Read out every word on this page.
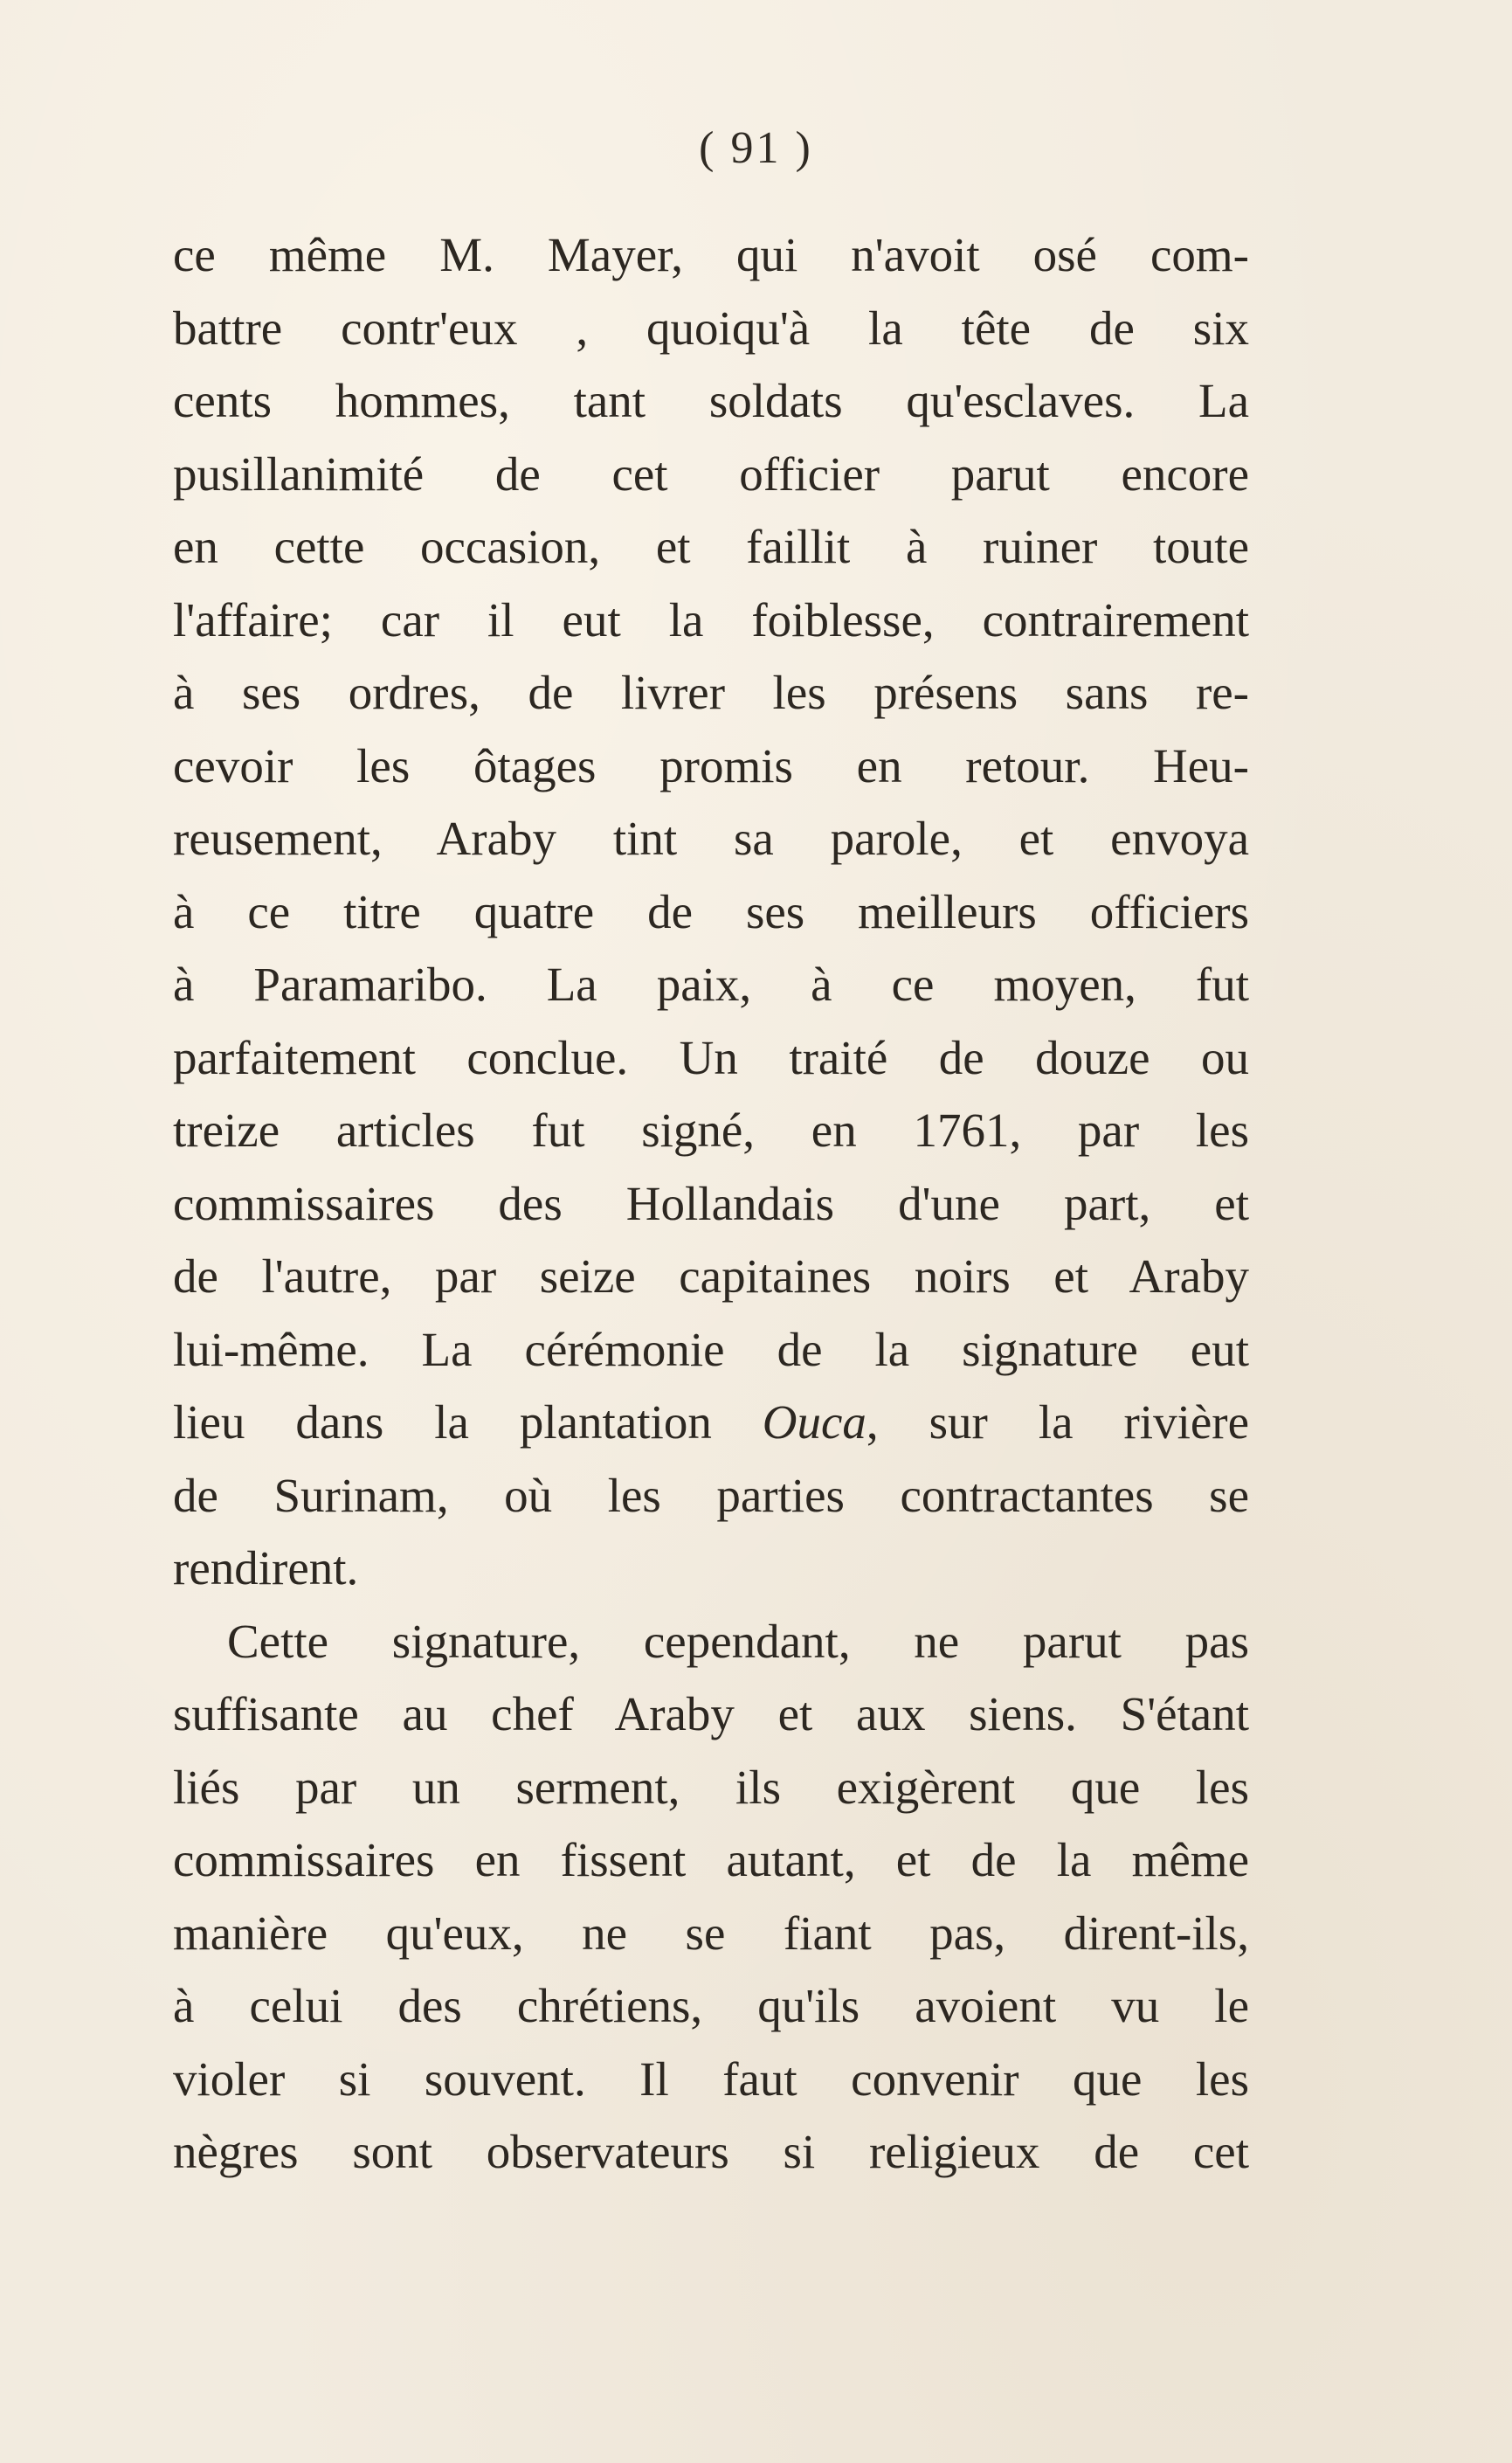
( 91 )
ce même M. Mayer, qui n'avoit osé com-
battre contr'eux , quoiqu'à la tête de six
cents hommes, tant soldats qu'esclaves. La
pusillanimité de cet officier parut encore
en cette occasion, et faillit à ruiner toute
l'affaire; car il eut la foiblesse, contrairement
à ses ordres, de livrer les présens sans re-
cevoir les ôtages promis en retour. Heu-
reusement, Araby tint sa parole, et envoya
à ce titre quatre de ses meilleurs officiers
à Paramaribo. La paix, à ce moyen, fut
parfaitement conclue. Un traité de douze ou
treize articles fut signé, en 1761, par les
commissaires des Hollandais d'une part, et
de l'autre, par seize capitaines noirs et Araby
lui-même. La cérémonie de la signature eut
lieu dans la plantation Ouca, sur la rivière
de Surinam, où les parties contractantes se
rendirent.
Cette signature, cependant, ne parut pas
suffisante au chef Araby et aux siens. S'étant
liés par un serment, ils exigèrent que les
commissaires en fissent autant, et de la même
manière qu'eux, ne se fiant pas, dirent-ils,
à celui des chrétiens, qu'ils avoient vu le
violer si souvent. Il faut convenir que les
nègres sont observateurs si religieux de cet
